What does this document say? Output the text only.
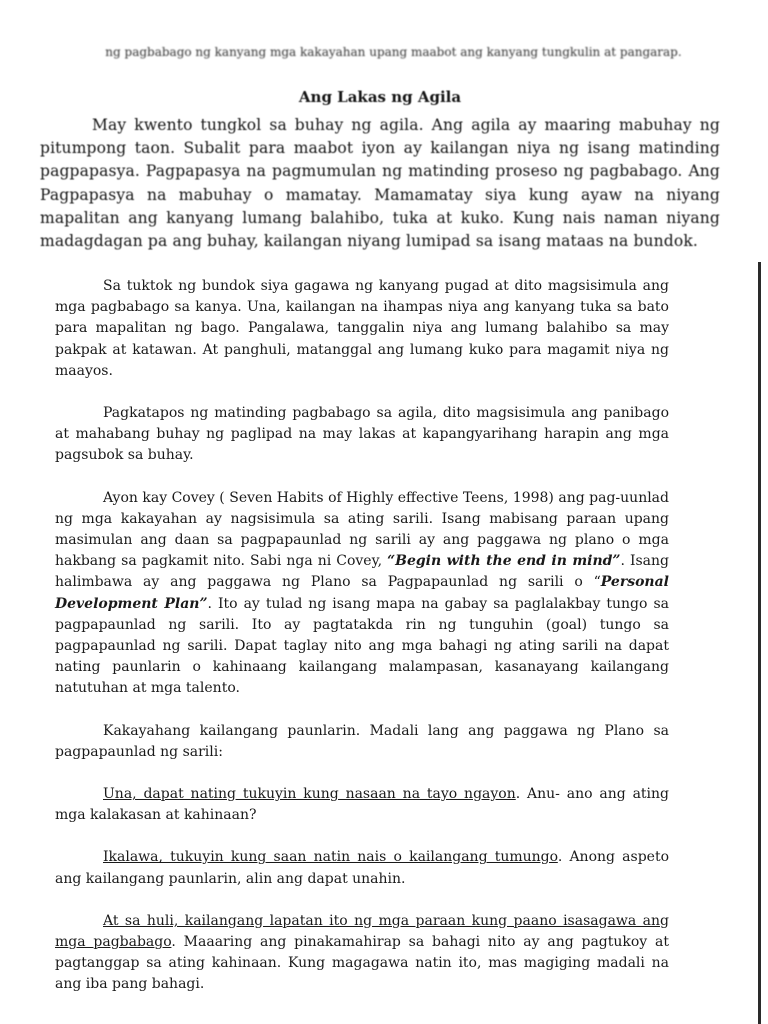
ng pagbabago ng kanyang mga kakayahan upang maabot ang kanyang tungkulin at pangarap.
Ang Lakas ng Agila

May kwento tungkol sa buhay ng agila. Ang agila ay maaring mabuhay ng pitumpong taon. Subalit para maabot iyon ay kailangan niya ng isang matinding pagpapasya. Pagpapasya na pagmumulan ng matinding proseso ng pagbabago. Ang Pagpapasya na mabuhay o mamatay. Mamamatay siya kung ayaw na niyang mapalitan ang kanyang lumang balahibo, tuka at kuko. Kung nais naman niyang madagdagan pa ang buhay, kailangan niyang lumipad sa isang mataas na bundok.

Sa tuktok ng bundok siya gagawa ng kanyang pugad at dito magsisimula ang mga pagbabago sa kanya. Una, kailangan na ihampas niya ang kanyang tuka sa bato para mapalitan ng bago. Pangalawa, tanggalin niya ang lumang balahibo sa may pakpak at katawan. At panghuli, matanggal ang lumang kuko para magamit niya ng maayos.

Pagkatapos ng matinding pagbabago sa agila, dito magsisimula ang panibago at mahabang buhay ng paglipad na may lakas at kapangyarihang harapin ang mga pagsubok sa buhay.

Ayon kay Covey ( Seven Habits of Highly effective Teens, 1998) ang pag-uunlad ng mga kakayahan ay nagsisimula sa ating sarili. Isang mabisang paraan upang masimulan ang daan sa pagpapaunlad ng sarili ay ang paggawa ng plano o mga hakbang sa pagkamit nito. Sabi nga ni Covey, “Begin with the end in mind”. Isang halimbawa ay ang paggawa ng Plano sa Pagpapaunlad ng sarili o “Personal Development Plan”. Ito ay tulad ng isang mapa na gabay sa paglalakbay tungo sa pagpapaunlad ng sarili. Ito ay pagtatakda rin ng tunguhin (goal) tungo sa pagpapaunlad ng sarili. Dapat taglay nito ang mga bahagi ng ating sarili na dapat nating paunlarin o kahinaang kailangang malampasan, kasanayang kailangang natutuhan at mga talento.

Kakayahang kailangang paunlarin. Madali lang ang paggawa ng Plano sa pagpapaunlad ng sarili:

Una, dapat nating tukuyin kung nasaan na tayo ngayon. Anu- ano ang ating mga kalakasan at kahinaan?

Ikalawa, tukuyin kung saan natin nais o kailangang tumungo. Anong aspeto ang kailangang paunlarin, alin ang dapat unahin.

At sa huli, kailangang lapatan ito ng mga paraan kung paano isasagawa ang mga pagbabago. Maaaring ang pinakamahirap sa bahagi nito ay ang pagtukoy at pagtanggap sa ating kahinaan. Kung magagawa natin ito, mas magiging madali na ang iba pang bahagi.
